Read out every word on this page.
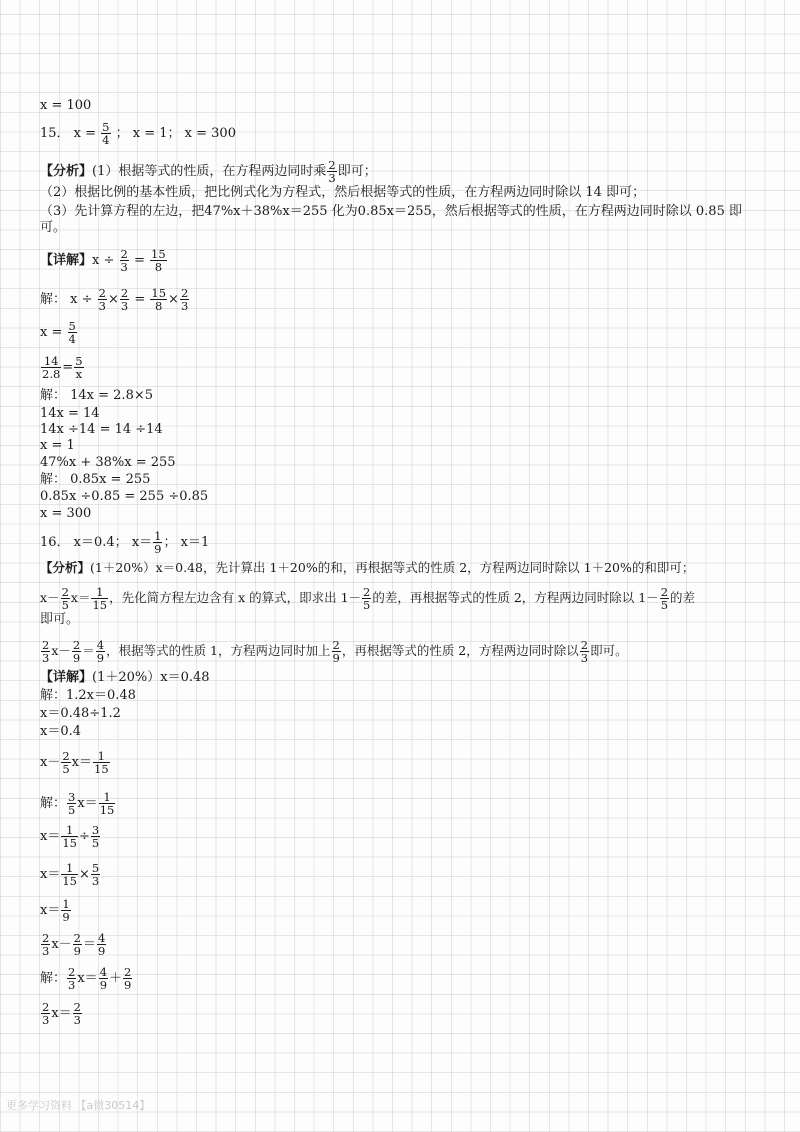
x = 100
15． $x = \frac{5}{4}$ ； x = 1； x = 300
【分析】(1）根据等式的性质，在方程两边同时乘 $\frac{2}{3}$ 即可；
（2）根据比例的基本性质，把比例式化为方程式，然后根据等式的性质，在方程两边同时除以 14 即可；
（3）先计算方程的左边，把47%x＋38%x＝255 化为0.85x＝255，然后根据等式的性质，在方程两边同时除以 0.85 即
可。
【详解】$x \div \frac{2}{3} = \frac{15}{8}$
解： $x \div \frac{2}{3} \times \frac{2}{3} = \frac{15}{8} \times \frac{2}{3}$
$x = \frac{5}{4}$
$\frac{14}{2.8} = \frac{5}{x}$
解： 14x = 2.8×5
14x = 14
14x ÷14 = 14 ÷14
x = 1
47%x + 38%x = 255
解： 0.85x = 255
0.85x ÷0.85 = 255 ÷0.85
x = 300
16． x＝0.4； $x= \frac{1}{9}$ ； x＝1
【分析】(1＋20%）x＝0.48，先计算出 1＋20%的和，再根据等式的性质 2，方程两边同时除以 1＋20%的和即可；
$x- \frac{2}{5} x= \frac{1}{15}$ ，先化简方程左边含有 x 的算式，即求出 $1- \frac{2}{5}$ 的差，再根据等式的性质 2，方程两边同时除以 $1- \frac{2}{5}$ 的差
即可。
$\frac{2}{3} x- \frac{2}{9} = \frac{4}{9}$ ，根据等式的性质 1，方程两边同时加上 $\frac{2}{9}$ ，再根据等式的性质 2，方程两边同时除以 $\frac{2}{3}$ 即可。
【详解】(1＋20%）x＝0.48
解：1.2x＝0.48
x＝0.48÷1.2
x＝0.4
$x- \frac{2}{5} x= \frac{1}{15}$
解： $\frac{3}{5} x= \frac{1}{15}$
$x= \frac{1}{15} \div \frac{3}{5}$
$x= \frac{1}{15} \times \frac{5}{3}$
$x= \frac{1}{9}$
$\frac{2}{3} x- \frac{2}{9} = \frac{4}{9}$
解： $\frac{2}{3} x= \frac{4}{9} + \frac{2}{9}$
$\frac{2}{3} x= \frac{2}{3}$
更多学习资料 【a微30514】
